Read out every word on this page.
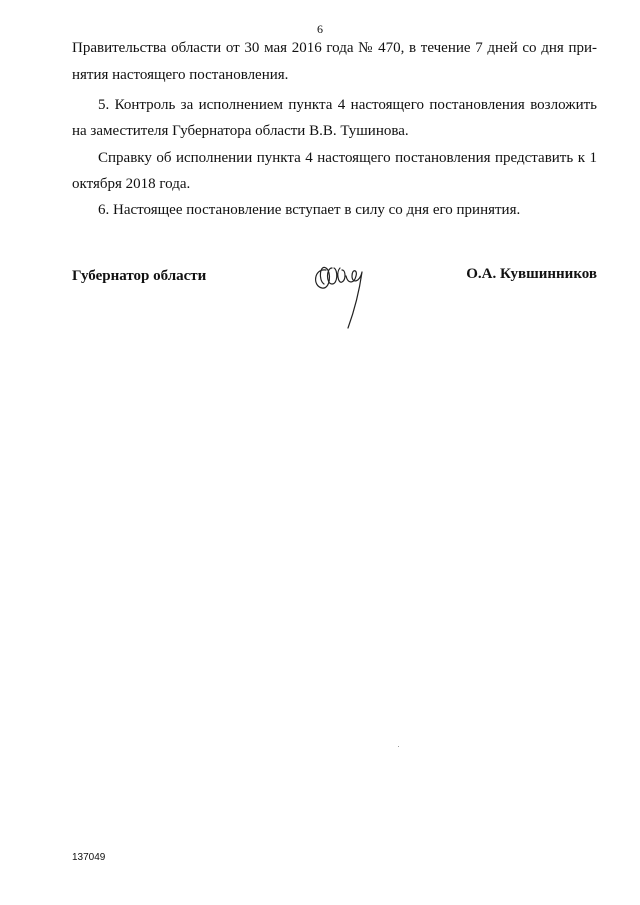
6

Правительства области от 30 мая 2016 года № 470, в течение 7 дней со дня при-

нятия настоящего постановления.

5. Контроль за исполнением пункта 4 настоящего постановления возложить

на заместителя Губернатора области В.В. Тушинова.

Справку об исполнении пункта 4 настоящего постановления представить к 1

октября 2018 года.

6. Настоящее постановление вступает в силу со дня его принятия.

Губернатор области	О.А. Кувшинников
137049
